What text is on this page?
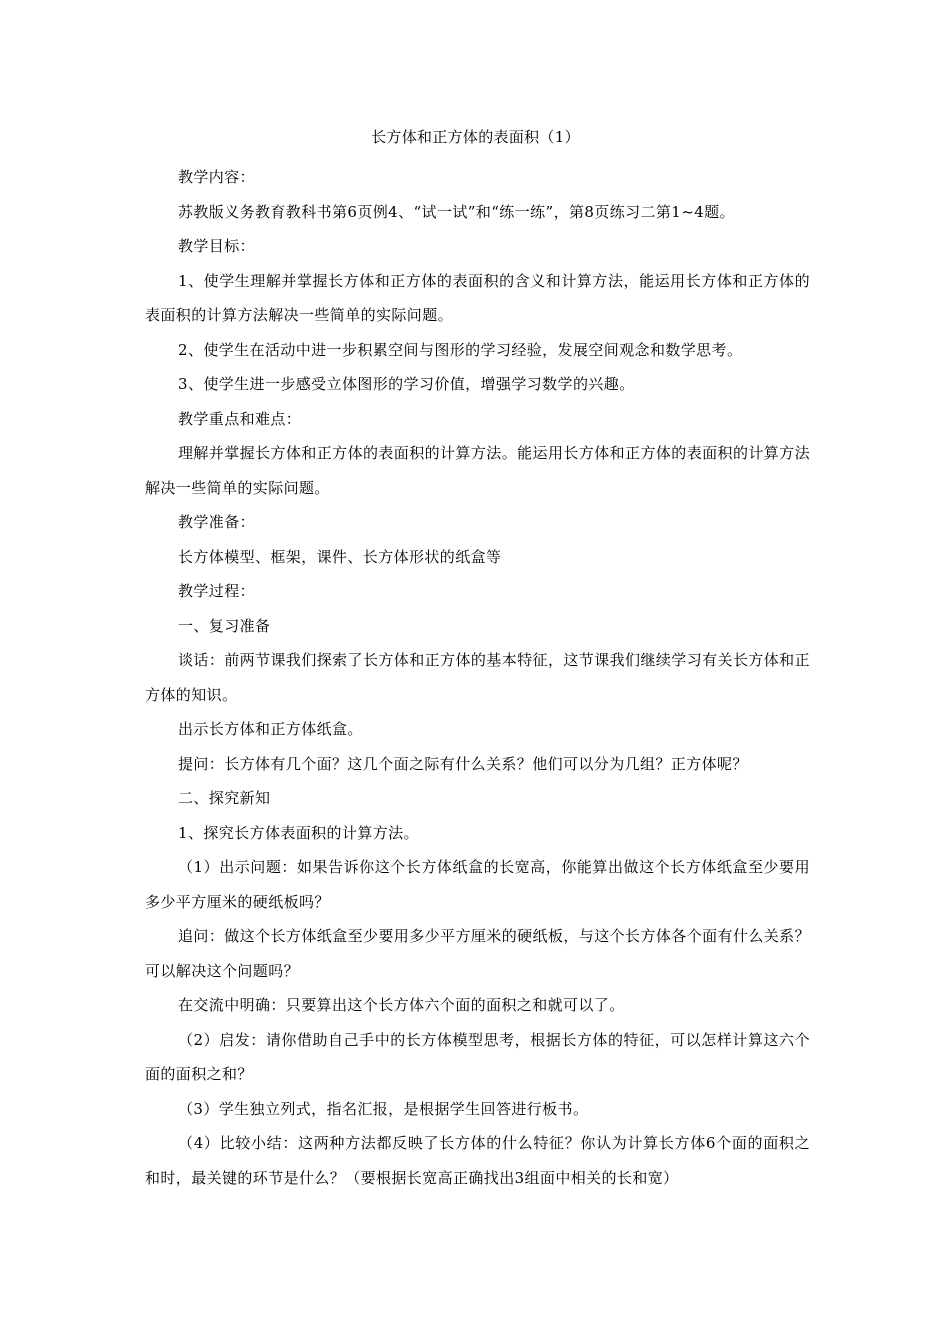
长方体和正方体的表面积（1）

教学内容：

苏教版义务教育教科书第6页例4、“试一试”和“练一练”，第8页练习二第1~4题。

教学目标：

1、使学生理解并掌握长方体和正方体的表面积的含义和计算方法，能运用长方体和正方体的表面积的计算方法解决一些简单的实际问题。

2、使学生在活动中进一步积累空间与图形的学习经验，发展空间观念和数学思考。

3、使学生进一步感受立体图形的学习价值，增强学习数学的兴趣。

教学重点和难点：

理解并掌握长方体和正方体的表面积的计算方法。能运用长方体和正方体的表面积的计算方法解决一些简单的实际问题。

教学准备：

长方体模型、框架，课件、长方体形状的纸盒等

教学过程：

一、复习准备

谈话：前两节课我们探索了长方体和正方体的基本特征，这节课我们继续学习有关长方体和正方体的知识。

出示长方体和正方体纸盒。

提问：长方体有几个面？这几个面之际有什么关系？他们可以分为几组？正方体呢？

二、探究新知

1、探究长方体表面积的计算方法。

（1）出示问题：如果告诉你这个长方体纸盒的长宽高，你能算出做这个长方体纸盒至少要用多少平方厘米的硬纸板吗？

追问：做这个长方体纸盒至少要用多少平方厘米的硬纸板，与这个长方体各个面有什么关系？可以解决这个问题吗？

在交流中明确：只要算出这个长方体六个面的面积之和就可以了。

（2）启发：请你借助自己手中的长方体模型思考，根据长方体的特征，可以怎样计算这六个面的面积之和？

（3）学生独立列式，指名汇报，是根据学生回答进行板书。

（4）比较小结：这两种方法都反映了长方体的什么特征？你认为计算长方体6个面的面积之和时，最关键的环节是什么？（要根据长宽高正确找出3组面中相关的长和宽）
